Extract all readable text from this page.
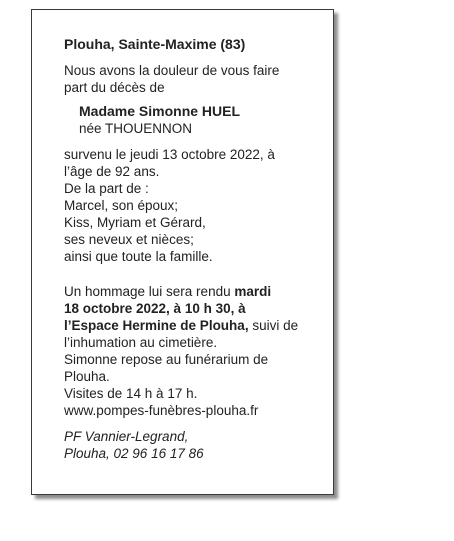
Plouha, Sainte-Maxime (83)

Nous avons la douleur de vous faire
part du décès de

Madame Simonne HUEL
née THOUENNON

survenu le jeudi 13 octobre 2022, à
l’âge de 92 ans.
De la part de :
Marcel, son époux;
Kiss, Myriam et Gérard,
ses neveux et nièces;
ainsi que toute la famille.

Un hommage lui sera rendu mardi
18 octobre 2022, à 10 h 30, à
l’Espace Hermine de Plouha, suivi de
l’inhumation au cimetière.
Simonne repose au funérarium de
Plouha.
Visites de 14 h à 17 h.
www.pompes-funèbres-plouha.fr

PF Vannier-Legrand,
Plouha, 02 96 16 17 86
